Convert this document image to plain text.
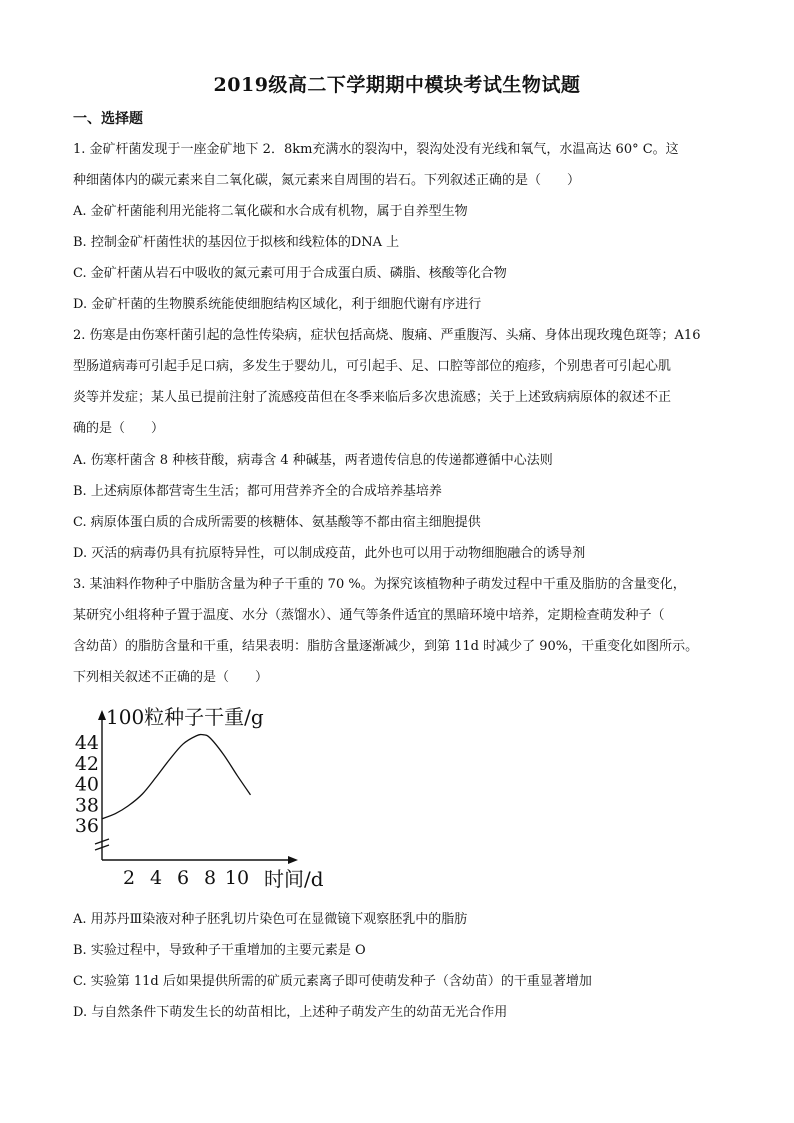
2019级高二下学期期中模块考试生物试题
一、选择题
1. 金矿杆菌发现于一座金矿地下 2．8km充满水的裂沟中，裂沟处没有光线和氧气，水温高达 60° C。这
种细菌体内的碳元素来自二氧化碳，氮元素来自周围的岩石。下列叙述正确的是（　　）
A. 金矿杆菌能利用光能将二氧化碳和水合成有机物，属于自养型生物
B. 控制金矿杆菌性状的基因位于拟核和线粒体的DNA 上
C. 金矿杆菌从岩石中吸收的氮元素可用于合成蛋白质、磷脂、核酸等化合物
D. 金矿杆菌的生物膜系统能使细胞结构区域化，利于细胞代谢有序进行
2. 伤寒是由伤寒杆菌引起的急性传染病，症状包括高烧、腹痛、严重腹泻、头痛、身体出现玫瑰色斑等；A16
型肠道病毒可引起手足口病，多发生于婴幼儿，可引起手、足、口腔等部位的疱疹，个别患者可引起心肌
炎等并发症；某人虽已提前注射了流感疫苗但在冬季来临后多次患流感；关于上述致病病原体的叙述不正
确的是（　　）
A. 伤寒杆菌含 8 种核苷酸，病毒含 4 种碱基，两者遗传信息的传递都遵循中心法则
B. 上述病原体都营寄生生活；都可用营养齐全的合成培养基培养
C. 病原体蛋白质的合成所需要的核糖体、氨基酸等不都由宿主细胞提供
D. 灭活的病毒仍具有抗原特异性，可以制成疫苗，此外也可以用于动物细胞融合的诱导剂
3. 某油料作物种子中脂肪含量为种子干重的 70 %。为探究该植物种子萌发过程中干重及脂肪的含量变化，
某研究小组将种子置于温度、水分（蒸馏水）、通气等条件适宜的黑暗环境中培养，定期检查萌发种子（
含幼苗）的脂肪含量和干重，结果表明：脂肪含量逐渐减少，到第 11d 时减少了 90%，干重变化如图所示。
下列相关叙述不正确的是（　　）
36
38
40
42
44
2 4 6 8 10
100粒种子干重/g
时间/d
A. 用苏丹Ⅲ染液对种子胚乳切片染色可在显微镜下观察胚乳中的脂肪
B. 实验过程中，导致种子干重增加的主要元素是 O
C. 实验第 11d 后如果提供所需的矿质元素离子即可使萌发种子（含幼苗）的干重显著增加
D. 与自然条件下萌发生长的幼苗相比，上述种子萌发产生的幼苗无光合作用
